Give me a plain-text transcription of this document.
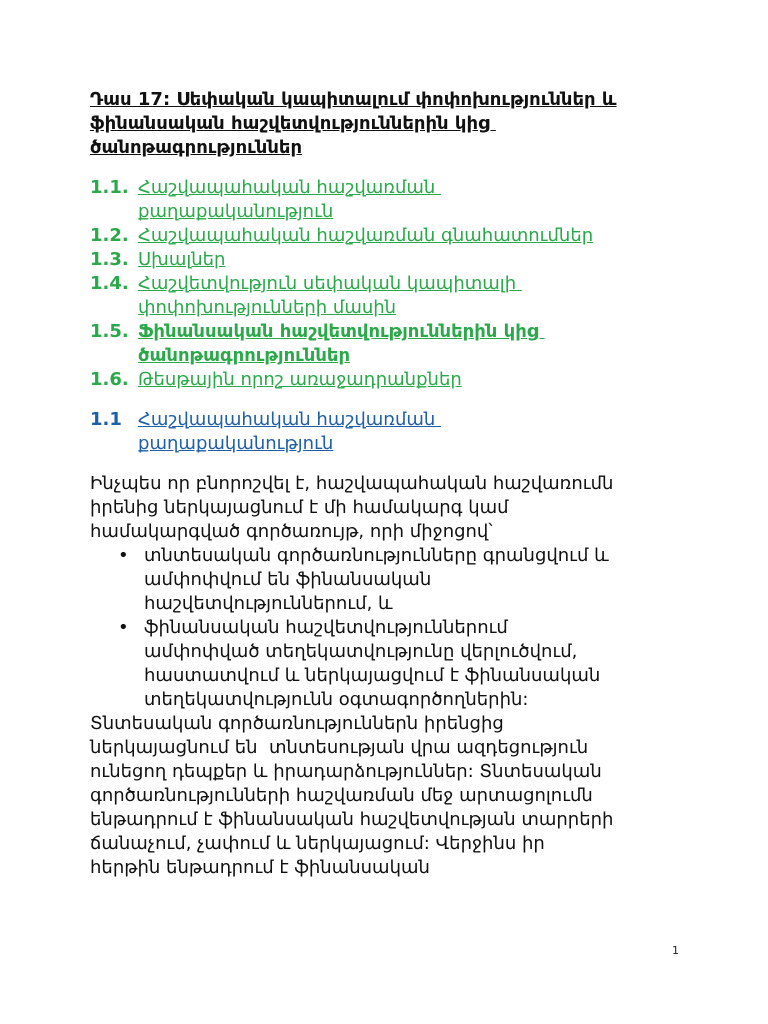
Դաս 17: Սեփական կապիտալում փոփոխություններ և
ֆինանսական հաշվետվություններին կից
ծանոթագրություններ
1.1. Հաշվապահական հաշվառման
քաղաքականություն
1.2. Հաշվապահական հաշվառման գնահատումներ
1.3. Սխալներ
1.4. Հաշվետվություն սեփական կապիտալի
փոփոխությունների մասին
1.5. Ֆինանսական հաշվետվություններին կից
ծանոթագրություններ
1.6. Թեսթային որոշ առաջադրանքներ
1.1 Հաշվապահական հաշվառման
քաղաքականություն

Ինչպես որ բնորոշվել է, հաշվապահական հաշվառումն
իրենից ներկայացնում է մի համակարգ կամ
համակարգված գործառույթ, որի միջոցով՝

• տնտեսական գործառնությունները գրանցվում և
ամփոփվում են ֆինանսական
հաշվետվություններում, և
• ֆինանսական հաշվետվություններում
ամփոփված տեղեկատվությունը վերլուծվում,
հաստատվում և ներկայացվում է ֆինանսական
տեղեկատվությունն օգտագործողներին:

Տնտեսական գործառնություններն իրենցից
ներկայացնում են  տնտեսության վրա ազդեցություն
ունեցող դեպքեր և իրադարձություններ: Տնտեսական
գործառնությունների հաշվառման մեջ արտացոլումն
ենթադրում է ֆինանսական հաշվետվության տարրերի
ճանաչում, չափում և ներկայացում: Վերջինս իր
հերթին ենթադրում է ֆինանսական

1
